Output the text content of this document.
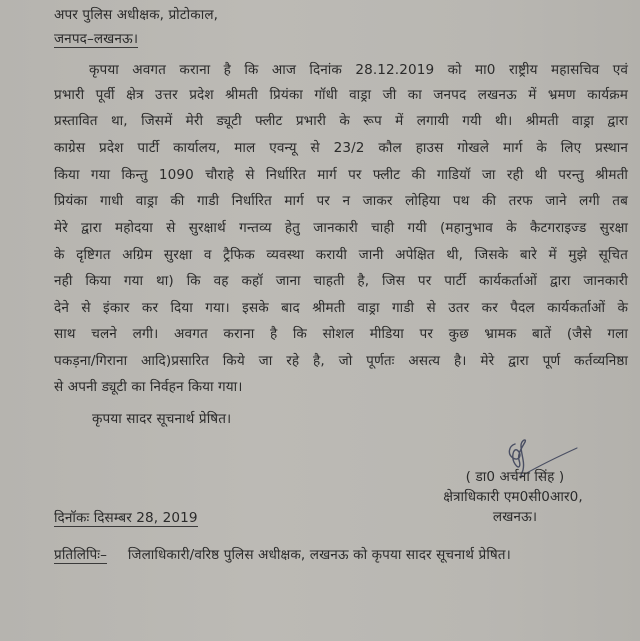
अपर पुलिस अधीक्षक, प्रोटोकाल,
जनपद–लखनऊ।
कृपया अवगत कराना है कि आज दिनांक 28.12.2019 को मा0 राष्ट्रीय महासचिव एवं
प्रभारी पूर्वी क्षेत्र उत्तर प्रदेश श्रीमती प्रियंका गॉधी वाड्रा जी का जनपद लखनऊ में भ्रमण कार्यक्रम
प्रस्तावित था, जिसमें मेरी ड्यूटी फ्लीट प्रभारी के रूप में लगायी गयी थी। श्रीमती वाड्रा द्वारा
काग्रेस प्रदेश पार्टी कार्यालय, माल एवन्यू से 23/2 कौल हाउस गोखले मार्ग के लिए प्रस्थान
किया गया किन्तु 1090 चौराहे से निर्धारित मार्ग पर फ्लीट की गाडियॉ जा रही थी परन्तु श्रीमती
प्रियंका गाधी वाड्रा की गाडी निर्धारित मार्ग पर न जाकर लोहिया पथ की तरफ जाने लगी तब
मेरे द्वारा महोदया से सुरक्षार्थ गन्तव्य हेतु जानकारी चाही गयी (महानुभाव के कैटगराइज्ड सुरक्षा
के दृष्टिगत अग्रिम सुरक्षा व ट्रैफिक व्यवस्था करायी जानी अपेक्षित थी, जिसके बारे में मुझे सूचित
नही किया गया था) कि वह कहॉ जाना चाहती है, जिस पर पार्टी कार्यकर्ताओं द्वारा जानकारी
देने से इंकार कर दिया गया। इसके बाद श्रीमती वाड्रा गाडी से उतर कर पैदल कार्यकर्ताओं के
साथ चलने लगी। अवगत कराना है कि सोशल मीडिया पर कुछ भ्रामक बातें (जैसे गला
पकड़ना/गिराना आदि)प्रसारित किये जा रहे है, जो पूर्णतः असत्य है। मेरे द्वारा पूर्ण कर्तव्यनिष्ठा
से अपनी ड्यूटी का निर्वहन किया गया।
कृपया सादर सूचनार्थ प्रेषित।
( डा0 अर्चना सिंह )
क्षेत्राधिकारी एम0सी0आर0,
लखनऊ।
दिनॉकः दिसम्बर 28, 2019
प्रतिलिपिः– जिलाधिकारी/वरिष्ठ पुलिस अधीक्षक, लखनऊ को कृपया सादर सूचनार्थ प्रेषित।
